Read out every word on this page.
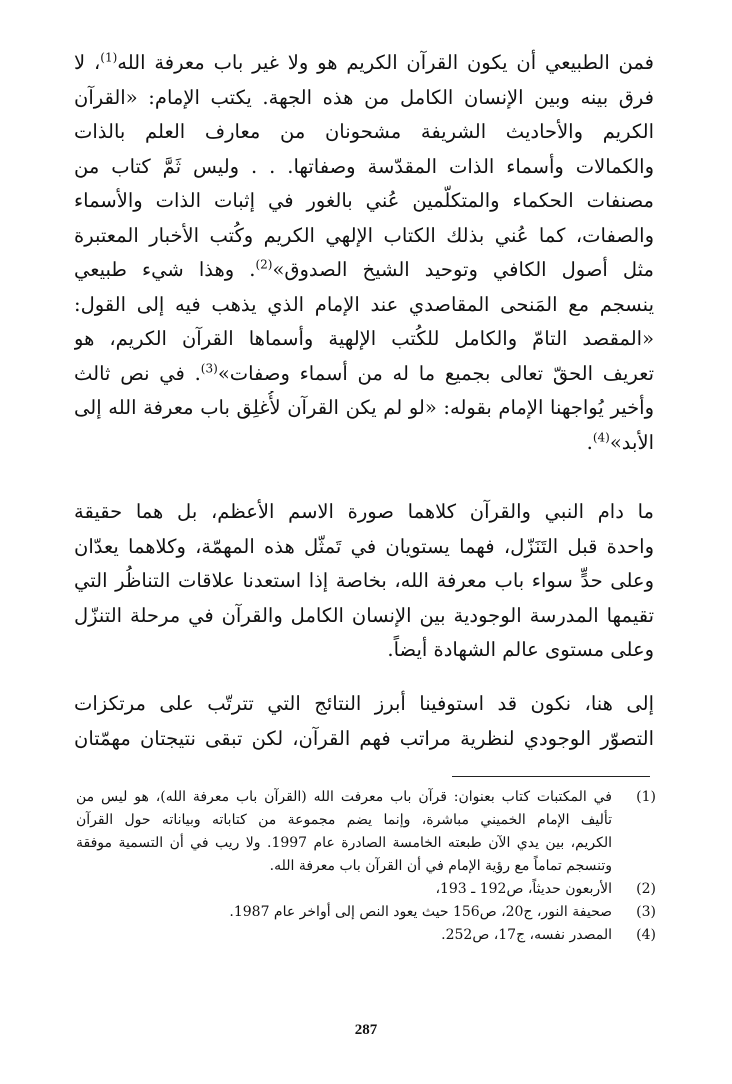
فمن الطبيعي أن يكون القرآن الكريم هو ولا غير باب معرفة الله$^{(1)}$، لا
فرق بينه وبين الإنسان الكامل من هذه الجهة. يكتب الإمام: «القرآن
الكريم والأحاديث الشريفة مشحونان من معارف العلم بالذات
والكمالات وأسماء الذات المقدّسة وصفاتها. . . وليس ثَمَّ كتاب من
مصنفات الحكماء والمتكلّمين عُني بالغور في إثبات الذات والأسماء
والصفات، كما عُني بذلك الكتاب الإلهي الكريم وكُتب الأخبار المعتبرة
مثل أصول الكافي وتوحيد الشيخ الصدوق»$^{(2)}$. وهذا شيء طبيعي
ينسجم مع المَنحى المقاصدي عند الإمام الذي يذهب فيه إلى القول:
«المقصد التامّ والكامل للكُتب الإلهية وأسماها القرآن الكريم، هو
تعريف الحقّ تعالى بجميع ما له من أسماء وصفات»$^{(3)}$. في نص ثالث
وأخير يُواجهنا الإمام بقوله: «لو لم يكن القرآن لأُغلِق باب معرفة الله إلى
الأبد»$^{(4)}$.
ما دام النبي والقرآن كلاهما صورة الاسم الأعظم، بل هما حقيقة
واحدة قبل التَنَزّل، فهما يستويان في تَمثّل هذه المهمّة، وكلاهما يعدّان
وعلى حدٍّ سواء باب معرفة الله، بخاصة إذا استعدنا علاقات التناظُر التي
تقيمها المدرسة الوجودية بين الإنسان الكامل والقرآن في مرحلة التنزّل
وعلى مستوى عالم الشهادة أيضاً.
إلى هنا، نكون قد استوفينا أبرز النتائج التي تترتّب على مرتكزات
التصوّر الوجودي لنظرية مراتب فهم القرآن، لكن تبقى نتيجتان مهمّتان
(1)
في المكتبات كتاب بعنوان: قرآن باب معرفت الله (القرآن باب معرفة الله)، هو ليس من
تأليف الإمام الخميني مباشرة، وإنما يضم مجموعة من كتاباته وبياناته حول القرآن
الكريم، بين يدي الآن طبعته الخامسة الصادرة عام 1997. ولا ريب في أن التسمية موفقة
وتنسجم تماماً مع رؤية الإمام في أن القرآن باب معرفة الله.
(2)
الأربعون حديثاً، ص192 ـ 193،
(3)
صحيفة النور، ج20، ص156 حيث يعود النص إلى أواخر عام 1987.
(4)
المصدر نفسه، ج17، ص252.
287
